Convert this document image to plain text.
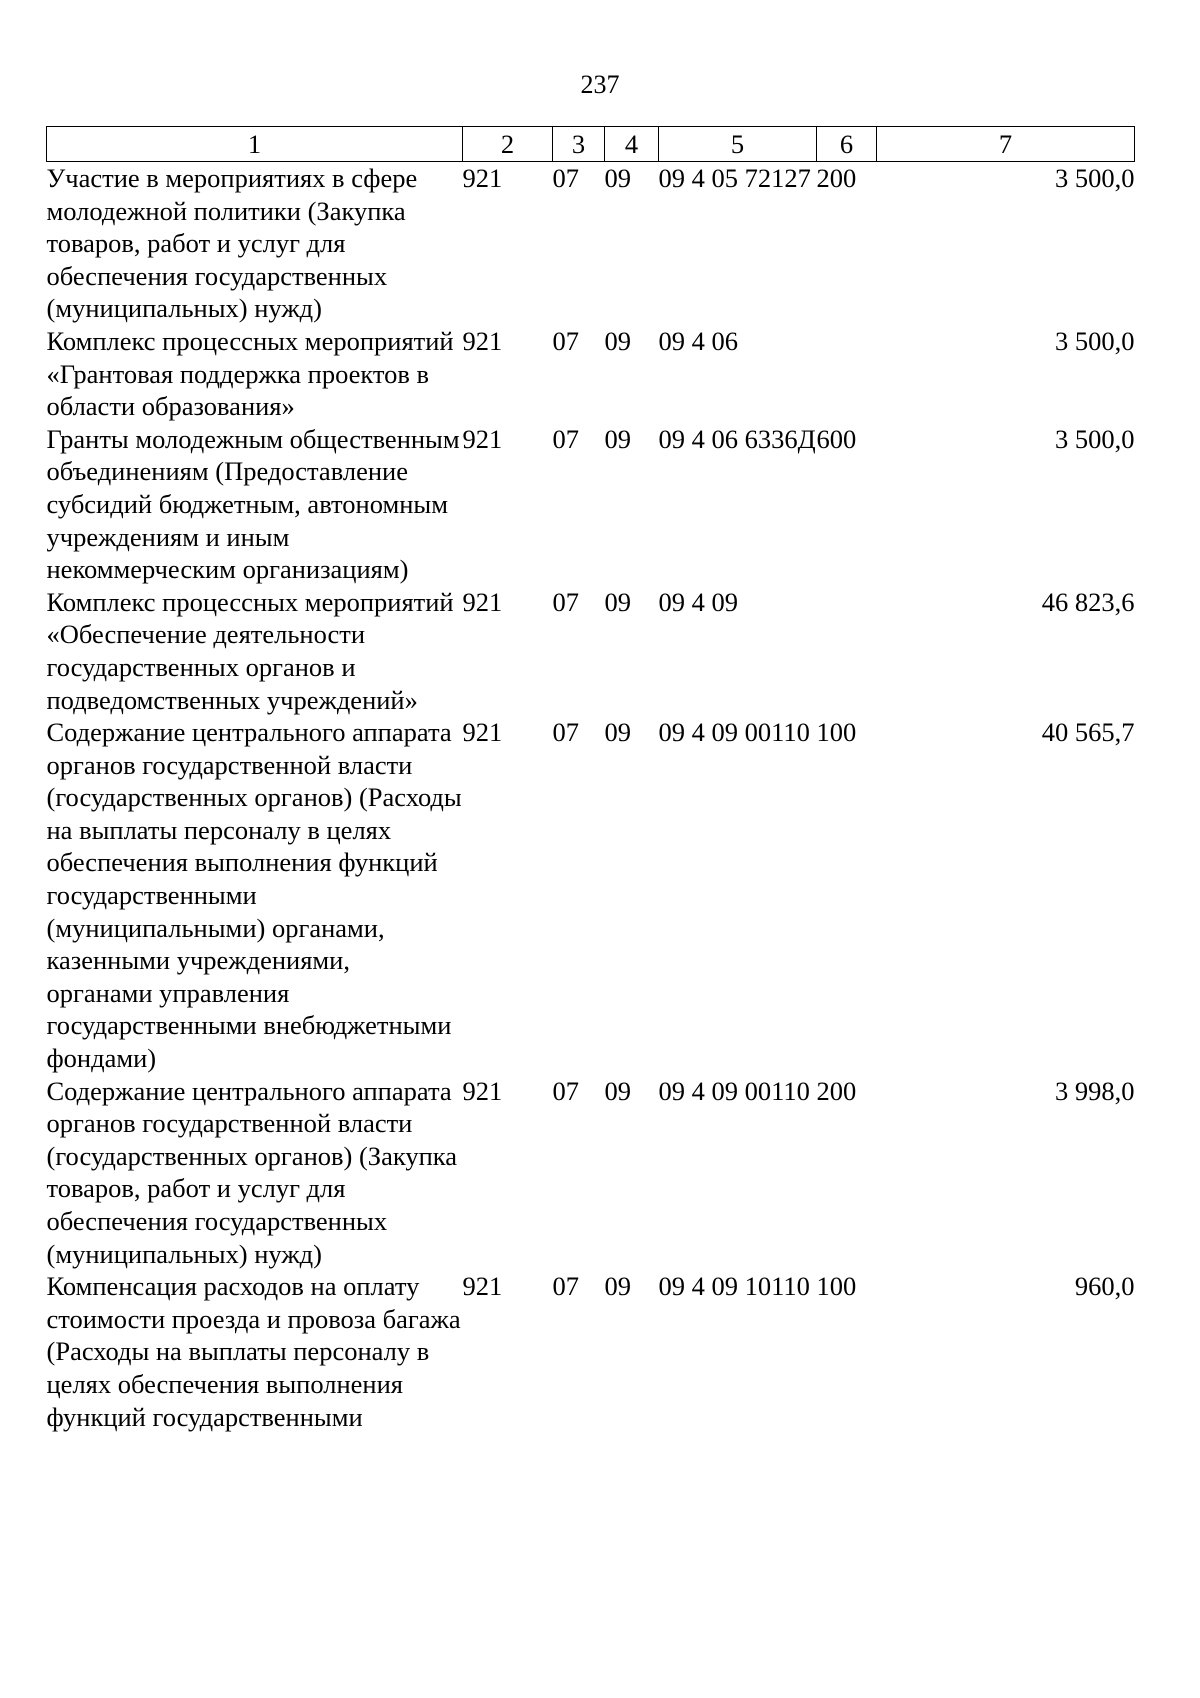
237
1	2	3	4	5	6	7
Участие в мероприятиях в сфере молодежной политики (Закупка товаров, работ и услуг для обеспечения государственных (муниципальных) нужд)	921	07	09	09 4 05 72127	200	3 500,0
Комплекс процессных мероприятий «Грантовая поддержка проектов в области образования»	921	07	09	09 4 06		3 500,0
Гранты молодежным общественным объединениям (Предоставление субсидий бюджетным, автономным учреждениям и иным некоммерческим организациям)	921	07	09	09 4 06 6336Д	600	3 500,0
Комплекс процессных мероприятий «Обеспечение деятельности государственных органов и подведомственных учреждений»	921	07	09	09 4 09		46 823,6
Содержание центрального аппарата органов государственной власти (государственных органов) (Расходы на выплаты персоналу в целях обеспечения выполнения функций государственными (муниципальными) органами, казенными учреждениями, органами управления государственными внебюджетными фондами)	921	07	09	09 4 09 00110	100	40 565,7
Содержание центрального аппарата органов государственной власти (государственных органов) (Закупка товаров, работ и услуг для обеспечения государственных (муниципальных) нужд)	921	07	09	09 4 09 00110	200	3 998,0
Компенсация расходов на оплату стоимости проезда и провоза багажа (Расходы на выплаты персоналу в целях обеспечения выполнения функций государственными	921	07	09	09 4 09 10110	100	960,0
